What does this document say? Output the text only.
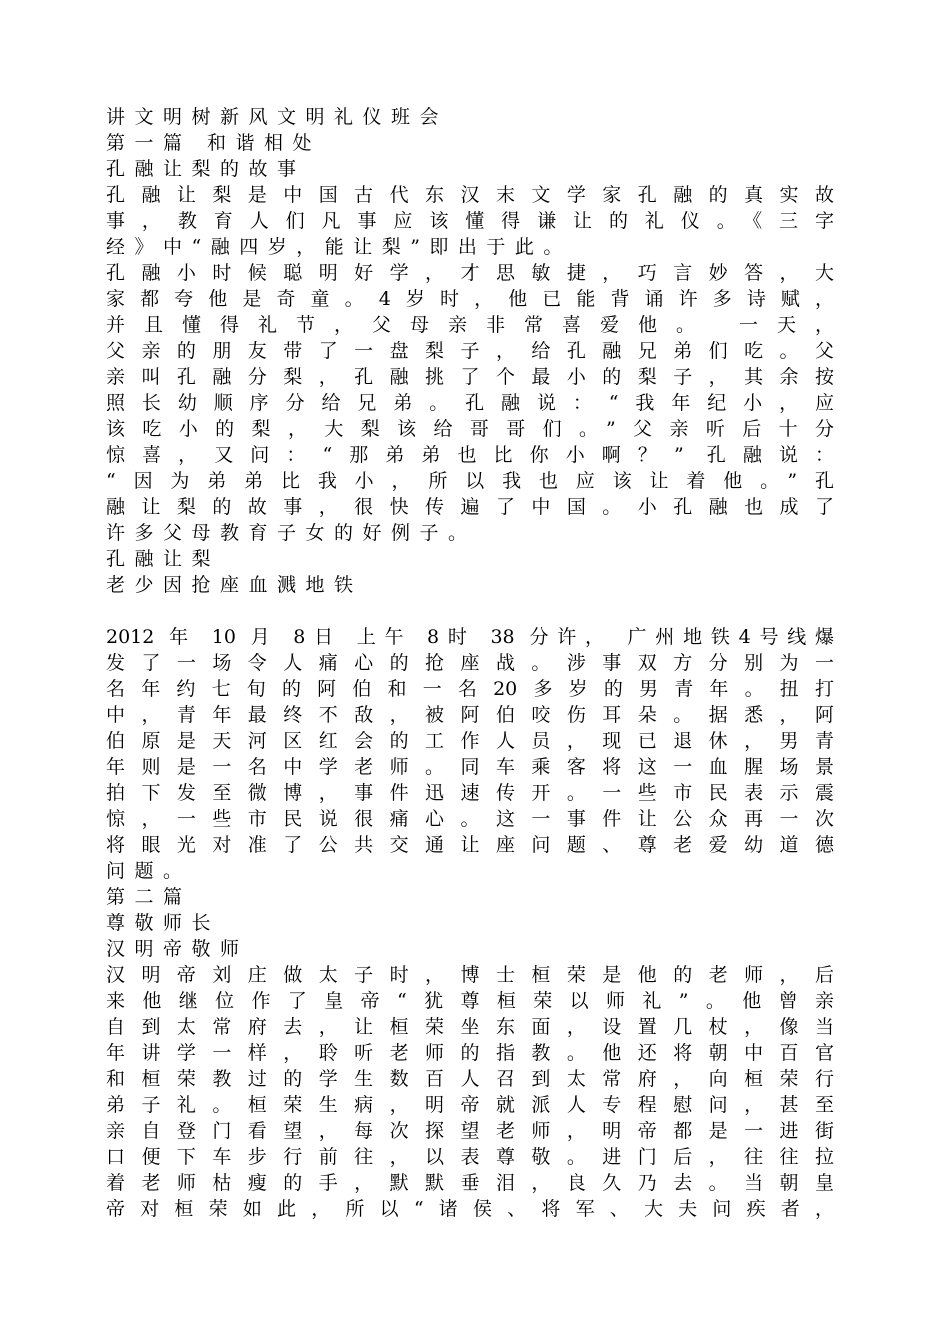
讲文明树新风文明礼仪班会
第一篇 和谐相处
孔融让梨的故事
孔融让梨是中国古代东汉末文学家孔融的真实故
事，教育人们凡事应该懂得谦让的礼仪。《三字
经》中“融四岁，能让梨”即出于此。
孔融小时候聪明好学，才思敏捷，巧言妙答，大
家都夸他是奇童。4岁时，他已能背诵许多诗赋，
并且懂得礼节，父母亲非常喜爱他。 一天，
父亲的朋友带了一盘梨子，给孔融兄弟们吃。父
亲叫孔融分梨，孔融挑了个最小的梨子，其余按
照长幼顺序分给兄弟。孔融说：“我年纪小，应
该吃小的梨，大梨该给哥哥们。”父亲听后十分
惊喜，又问：“那弟弟也比你小啊？” 孔融说：
“因为弟弟比我小，所以我也应该让着他。”孔
融让梨的故事，很快传遍了中国。小孔融也成了
许多父母教育子女的好例子。
孔融让梨
老少因抢座血溅地铁
2012 年 10 月 8日 上午 8时 38 分许， 广州地铁4号线爆
发了一场令人痛心的抢座战。涉事双方分别为一
名年约七旬的阿伯和一名20多岁的男青年。扭打
中，青年最终不敌，被阿伯咬伤耳朵。据悉，阿
伯原是天河区红会的工作人员，现已退休，男青
年则是一名中学老师。同车乘客将这一血腥场景
拍下发至微博，事件迅速传开。一些市民表示震
惊，一些市民说很痛心。这一事件让公众再一次
将眼光对准了公共交通让座问题、尊老爱幼道德
问题。
第二篇
尊敬师长
汉明帝敬师
汉明帝刘庄做太子时，博士桓荣是他的老师，后
来他继位作了皇帝“犹尊桓荣以师礼”。他曾亲
自到太常府去，让桓荣坐东面，设置几杖，像当
年讲学一样，聆听老师的指教。他还将朝中百官
和桓荣教过的学生数百人召到太常府，向桓荣行
弟子礼。桓荣生病，明帝就派人专程慰问，甚至
亲自登门看望，每次探望老师，明帝都是一进街
口便下车步行前往，以表尊敬。进门后，往往拉
着老师枯瘦的手，默默垂泪，良久乃去。当朝皇
帝对桓荣如此，所以“诸侯、将军、大夫问疾者，
